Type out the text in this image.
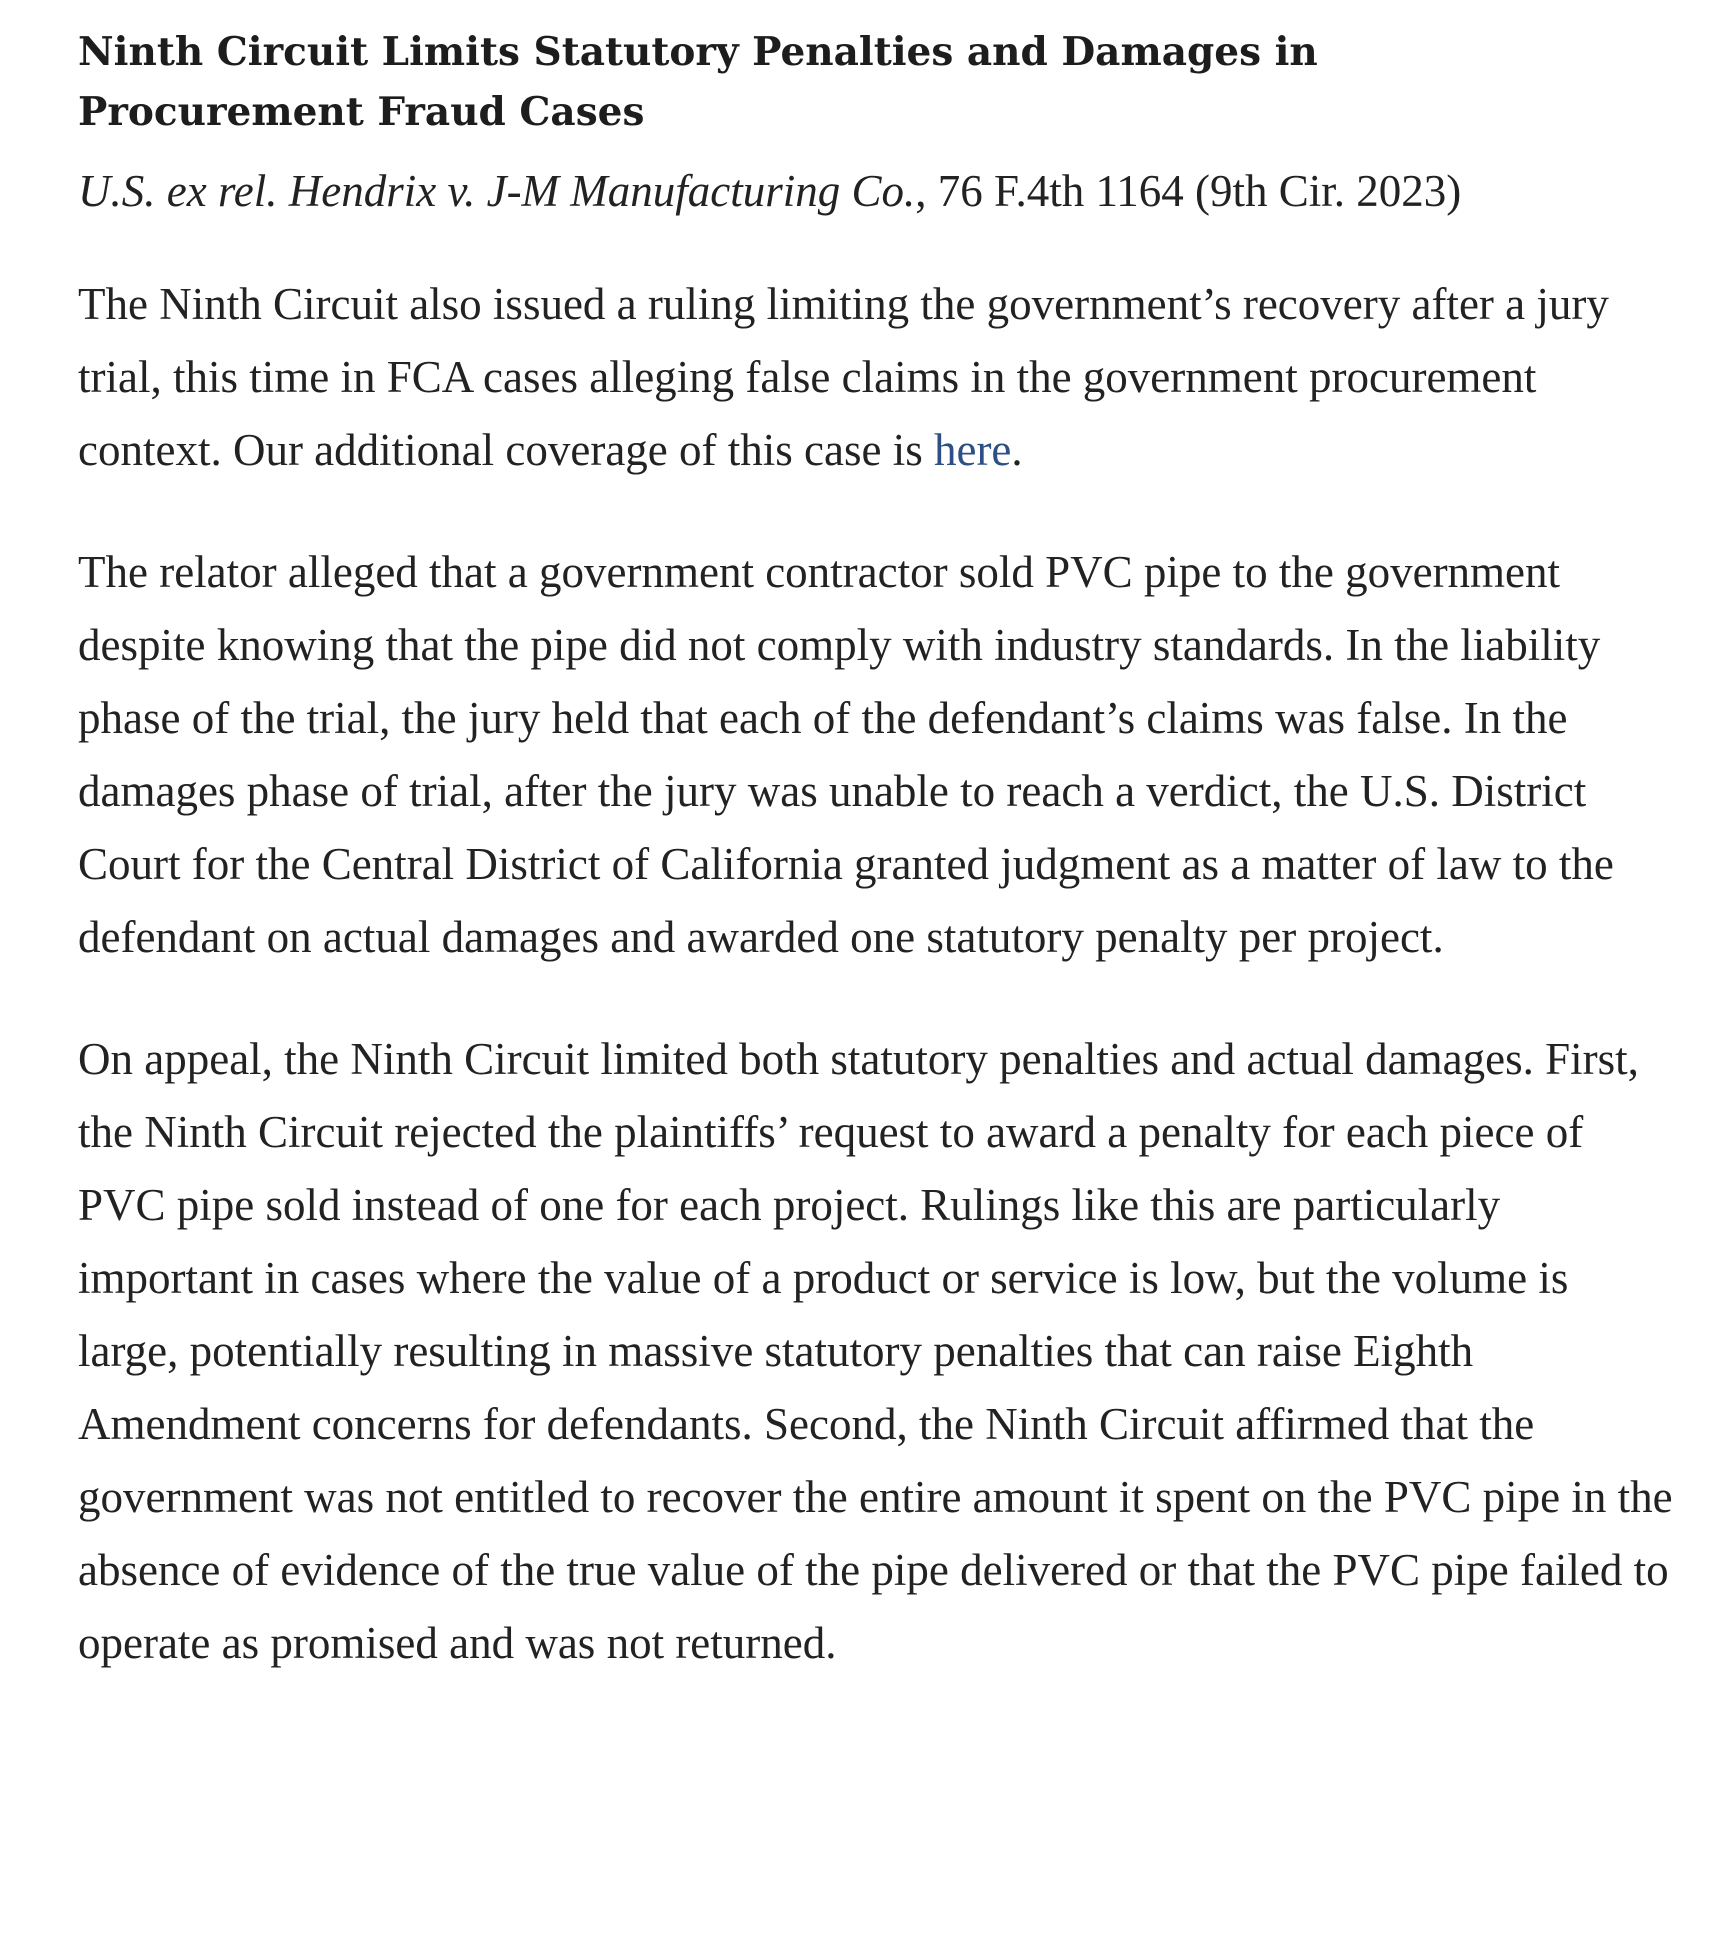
Ninth Circuit Limits Statutory Penalties and Damages in Procurement Fraud Cases

U.S. ex rel. Hendrix v. J-M Manufacturing Co., 76 F.4th 1164 (9th Cir. 2023)

The Ninth Circuit also issued a ruling limiting the government’s recovery after a jury trial, this time in FCA cases alleging false claims in the government procurement context. Our additional coverage of this case is here.

The relator alleged that a government contractor sold PVC pipe to the government despite knowing that the pipe did not comply with industry standards. In the liability phase of the trial, the jury held that each of the defendant’s claims was false. In the damages phase of trial, after the jury was unable to reach a verdict, the U.S. District Court for the Central District of California granted judgment as a matter of law to the defendant on actual damages and awarded one statutory penalty per project.

On appeal, the Ninth Circuit limited both statutory penalties and actual damages. First, the Ninth Circuit rejected the plaintiffs’ request to award a penalty for each piece of PVC pipe sold instead of one for each project. Rulings like this are particularly important in cases where the value of a product or service is low, but the volume is large, potentially resulting in massive statutory penalties that can raise Eighth Amendment concerns for defendants. Second, the Ninth Circuit affirmed that the government was not entitled to recover the entire amount it spent on the PVC pipe in the absence of evidence of the true value of the pipe delivered or that the PVC pipe failed to operate as promised and was not returned.
